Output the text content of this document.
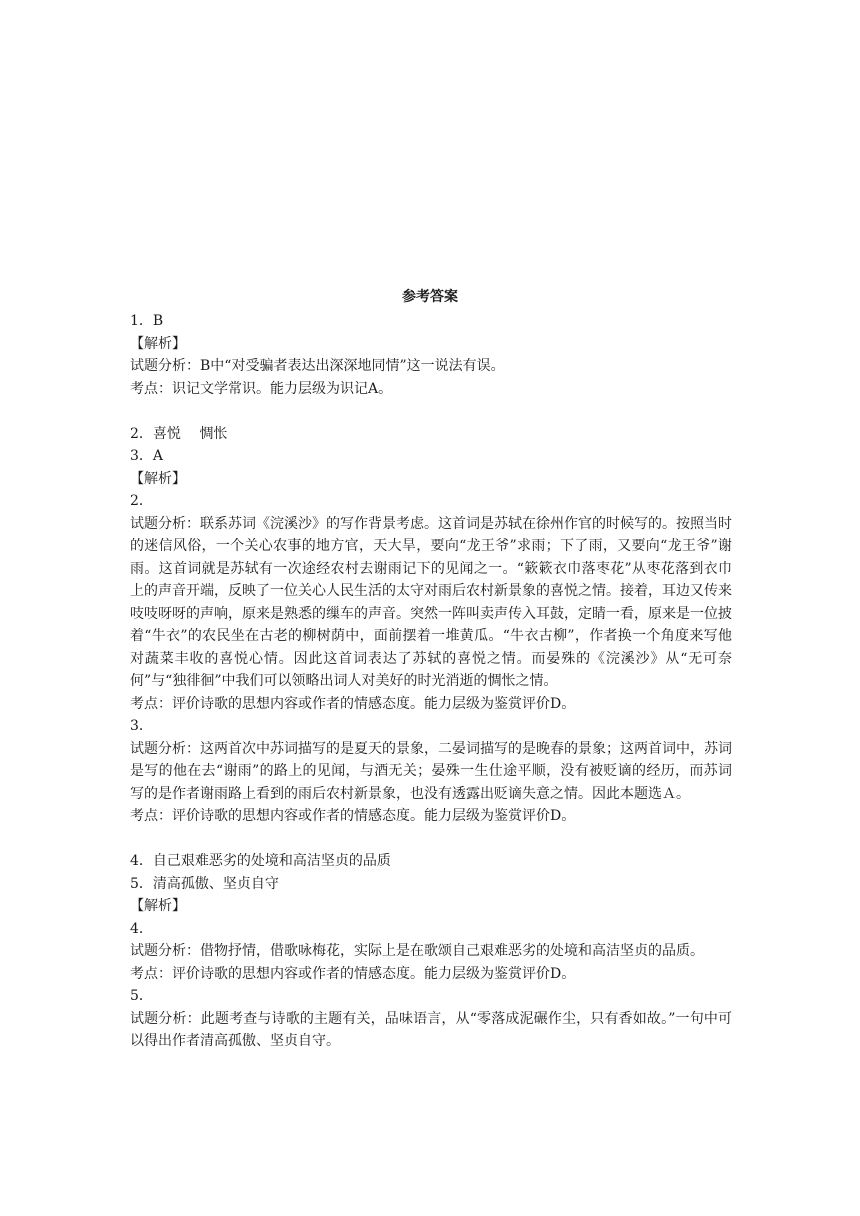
参考答案

1．B

【解析】

试题分析：B中“对受骗者表达出深深地同情”这一说法有误。

考点：识记文学常识。能力层级为识记A。

2．喜悦　 惆怅

3．A

【解析】

2．

试题分析：联系苏词《浣溪沙》的写作背景考虑。这首词是苏轼在徐州作官的时候写的。按照当时的迷信风俗，一个关心农事的地方官，天大旱，要向“龙王爷”求雨；下了雨，又要向“龙王爷”谢雨。这首词就是苏轼有一次途经农村去谢雨记下的见闻之一。“簌簌衣巾落枣花”从枣花落到衣巾上的声音开端，反映了一位关心人民生活的太守对雨后农村新景象的喜悦之情。接着，耳边又传来吱吱呀呀的声响，原来是熟悉的缫车的声音。突然一阵叫卖声传入耳鼓，定睛一看，原来是一位披着“牛衣”的农民坐在古老的柳树荫中，面前摆着一堆黄瓜。“牛衣古柳”，作者换一个角度来写他对蔬菜丰收的喜悦心情。因此这首词表达了苏轼的喜悦之情。而晏殊的《浣溪沙》从“无可奈何”与“独徘徊”中我们可以领略出词人对美好的时光消逝的惆怅之情。

考点：评价诗歌的思想内容或作者的情感态度。能力层级为鉴赏评价D。

3．

试题分析：这两首次中苏词描写的是夏天的景象，二晏词描写的是晚春的景象；这两首词中，苏词是写的他在去“谢雨”的路上的见闻，与酒无关；晏殊一生仕途平顺，没有被贬谪的经历，而苏词写的是作者谢雨路上看到的雨后农村新景象，也没有透露出贬谪失意之情。因此本题选Ａ。

考点：评价诗歌的思想内容或作者的情感态度。能力层级为鉴赏评价D。

4．自己艰难恶劣的处境和高洁坚贞的品质

5．清高孤傲、坚贞自守

【解析】

4．

试题分析：借物抒情，借歌咏梅花，实际上是在歌颂自己艰难恶劣的处境和高洁坚贞的品质。

考点：评价诗歌的思想内容或作者的情感态度。能力层级为鉴赏评价D。

5．

试题分析：此题考查与诗歌的主题有关，品味语言，从“零落成泥碾作尘，只有香如故。”一句中可以得出作者清高孤傲、坚贞自守。
